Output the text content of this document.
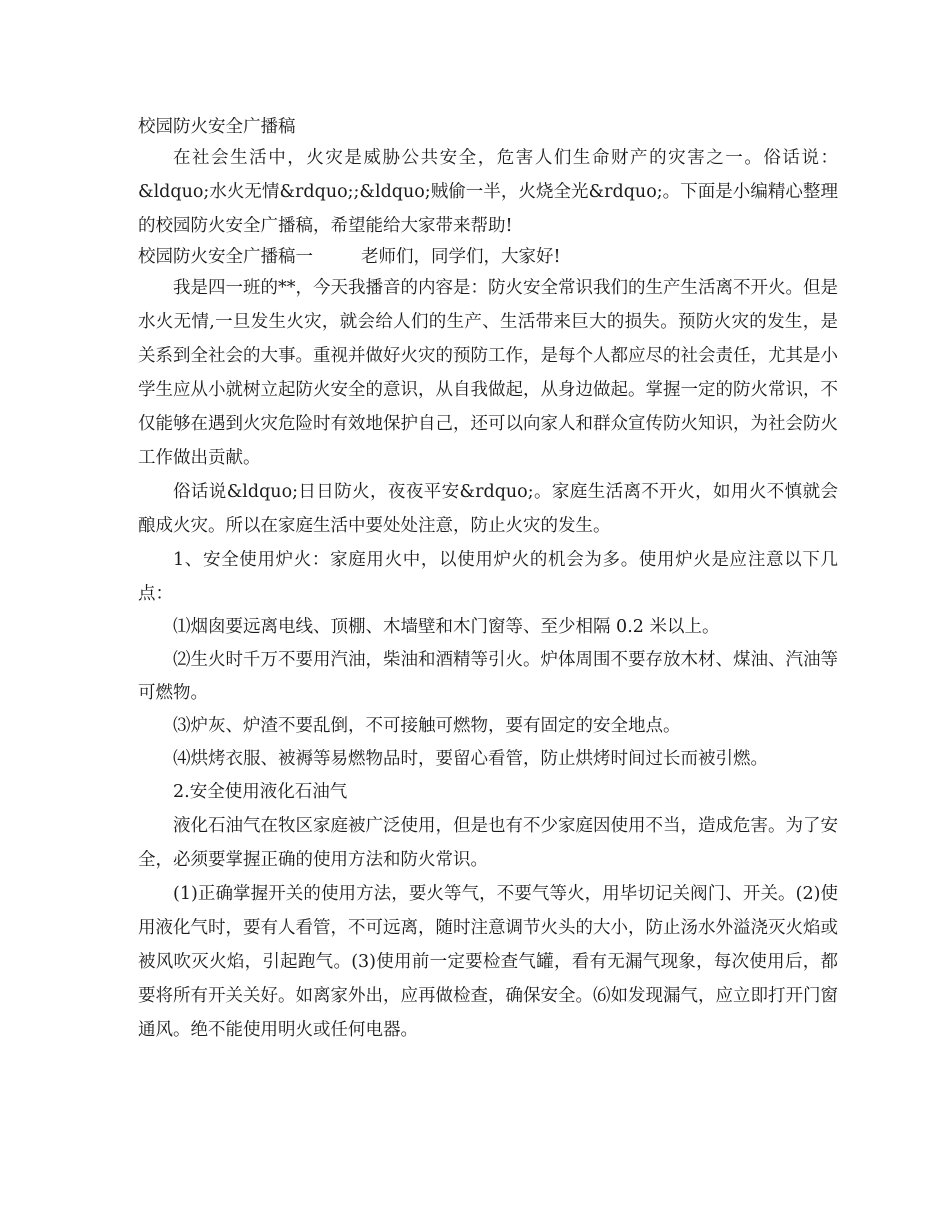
校园防火安全广播稿

在社会生活中，火灾是威胁公共安全，危害人们生命财产的灾害之一。俗话说：&ldquo;水火无情&rdquo;;&ldquo;贼偷一半，火烧全光&rdquo;。下面是小编精心整理的校园防火安全广播稿，希望能给大家带来帮助!

校园防火安全广播稿一	老师们，同学们，大家好!

我是四一班的**，今天我播音的内容是：防火安全常识我们的生产生活离不开火。但是水火无情,一旦发生火灾，就会给人们的生产、生活带来巨大的损失。预防火灾的发生，是关系到全社会的大事。重视并做好火灾的预防工作，是每个人都应尽的社会责任，尤其是小学生应从小就树立起防火安全的意识，从自我做起，从身边做起。掌握一定的防火常识，不仅能够在遇到火灾危险时有效地保护自己，还可以向家人和群众宣传防火知识，为社会防火工作做出贡献。

俗话说&ldquo;日日防火，夜夜平安&rdquo;。家庭生活离不开火，如用火不慎就会酿成火灾。所以在家庭生活中要处处注意，防止火灾的发生。

1、安全使用炉火：家庭用火中，以使用炉火的机会为多。使用炉火是应注意以下几点：

⑴烟囱要远离电线、顶棚、木墙壁和木门窗等、至少相隔 0.2 米以上。

⑵生火时千万不要用汽油，柴油和酒精等引火。炉体周围不要存放木材、煤油、汽油等可燃物。

⑶炉灰、炉渣不要乱倒，不可接触可燃物，要有固定的安全地点。

⑷烘烤衣服、被褥等易燃物品时，要留心看管，防止烘烤时间过长而被引燃。

2.安全使用液化石油气

液化石油气在牧区家庭被广泛使用，但是也有不少家庭因使用不当，造成危害。为了安全，必须要掌握正确的使用方法和防火常识。

(1)正确掌握开关的使用方法，要火等气，不要气等火，用毕切记关阀门、开关。(2)使用液化气时，要有人看管，不可远离，随时注意调节火头的大小，防止汤水外溢浇灭火焰或被风吹灭火焰，引起跑气。(3)使用前一定要检查气罐，看有无漏气现象，每次使用后，都要将所有开关关好。如离家外出，应再做检查，确保安全。⑹如发现漏气，应立即打开门窗通风。绝不能使用明火或任何电器。
